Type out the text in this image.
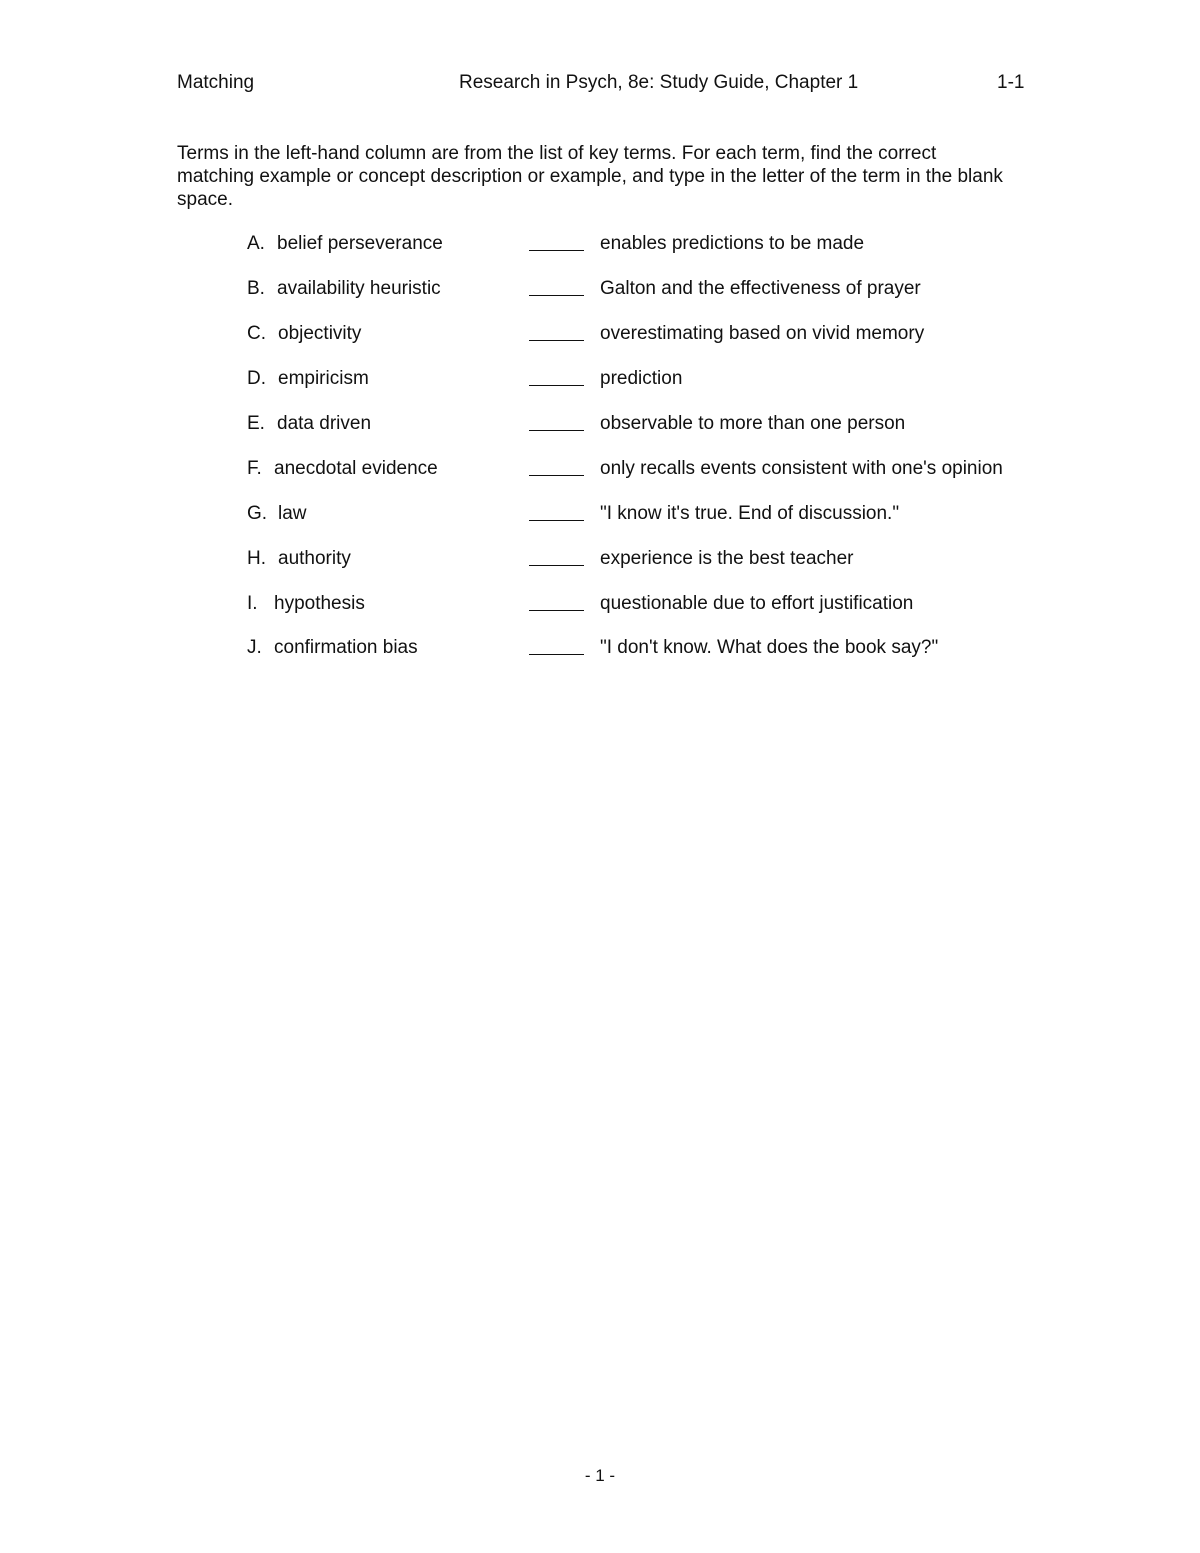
Matching	Research in Psych, 8e: Study Guide, Chapter 1	1-1
Terms in the left-hand column are from the list of key terms. For each term, find the correct matching example or concept description or example, and type in the letter of the term in the blank space.
A. belief perseverance	enables predictions to be made
B. availability heuristic	Galton and the effectiveness of prayer
C. objectivity	overestimating based on vivid memory
D. empiricism	prediction
E. data driven	observable to more than one person
F. anecdotal evidence	only recalls events consistent with one's opinion
G. law	"I know it's true. End of discussion."
H. authority	experience is the best teacher
I. hypothesis	questionable due to effort justification
J. confirmation bias	"I don't know. What does the book say?"
- 1 -
